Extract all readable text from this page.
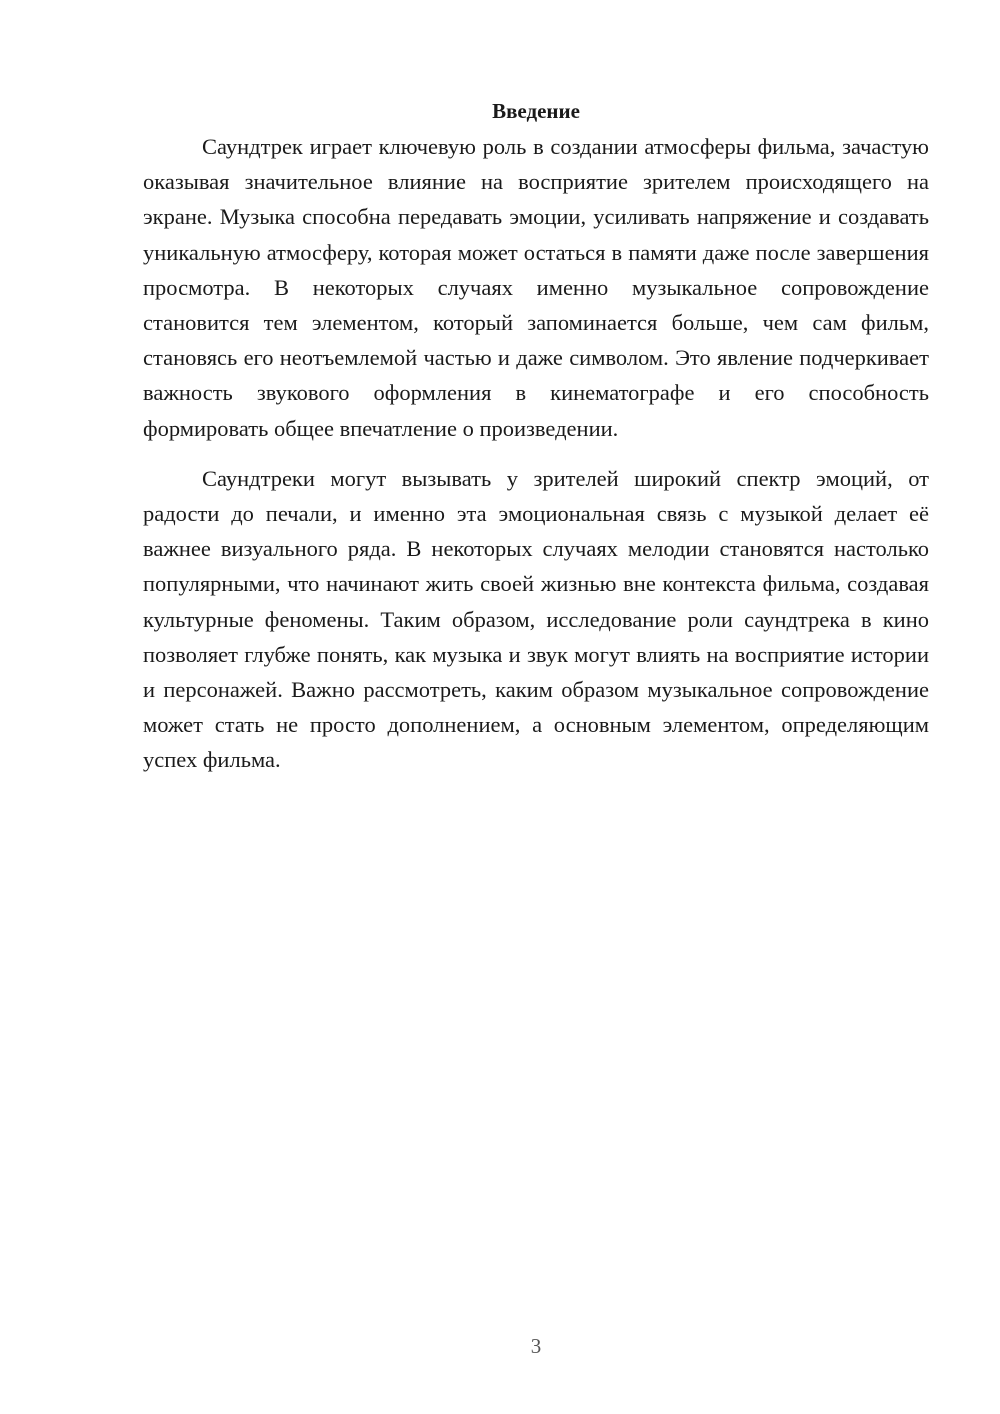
Введение

Саундтрек играет ключевую роль в создании атмосферы фильма, зачастую оказывая значительное влияние на восприятие зрителем происходящего на экране. Музыка способна передавать эмоции, усиливать напряжение и создавать уникальную атмосферу, которая может остаться в памяти даже после завершения просмотра. В некоторых случаях именно музыкальное сопровождение становится тем элементом, который запоминается больше, чем сам фильм, становясь его неотъемлемой частью и даже символом. Это явление подчеркивает важность звукового оформления в кинематографе и его способность формировать общее впечатление о произведении.

Саундтреки могут вызывать у зрителей широкий спектр эмоций, от радости до печали, и именно эта эмоциональная связь с музыкой делает её важнее визуального ряда. В некоторых случаях мелодии становятся настолько популярными, что начинают жить своей жизнью вне контекста фильма, создавая культурные феномены. Таким образом, исследование роли саундтрека в кино позволяет глубже понять, как музыка и звук могут влиять на восприятие истории и персонажей. Важно рассмотреть, каким образом музыкальное сопровождение может стать не просто дополнением, а основным элементом, определяющим успех фильма.

3
